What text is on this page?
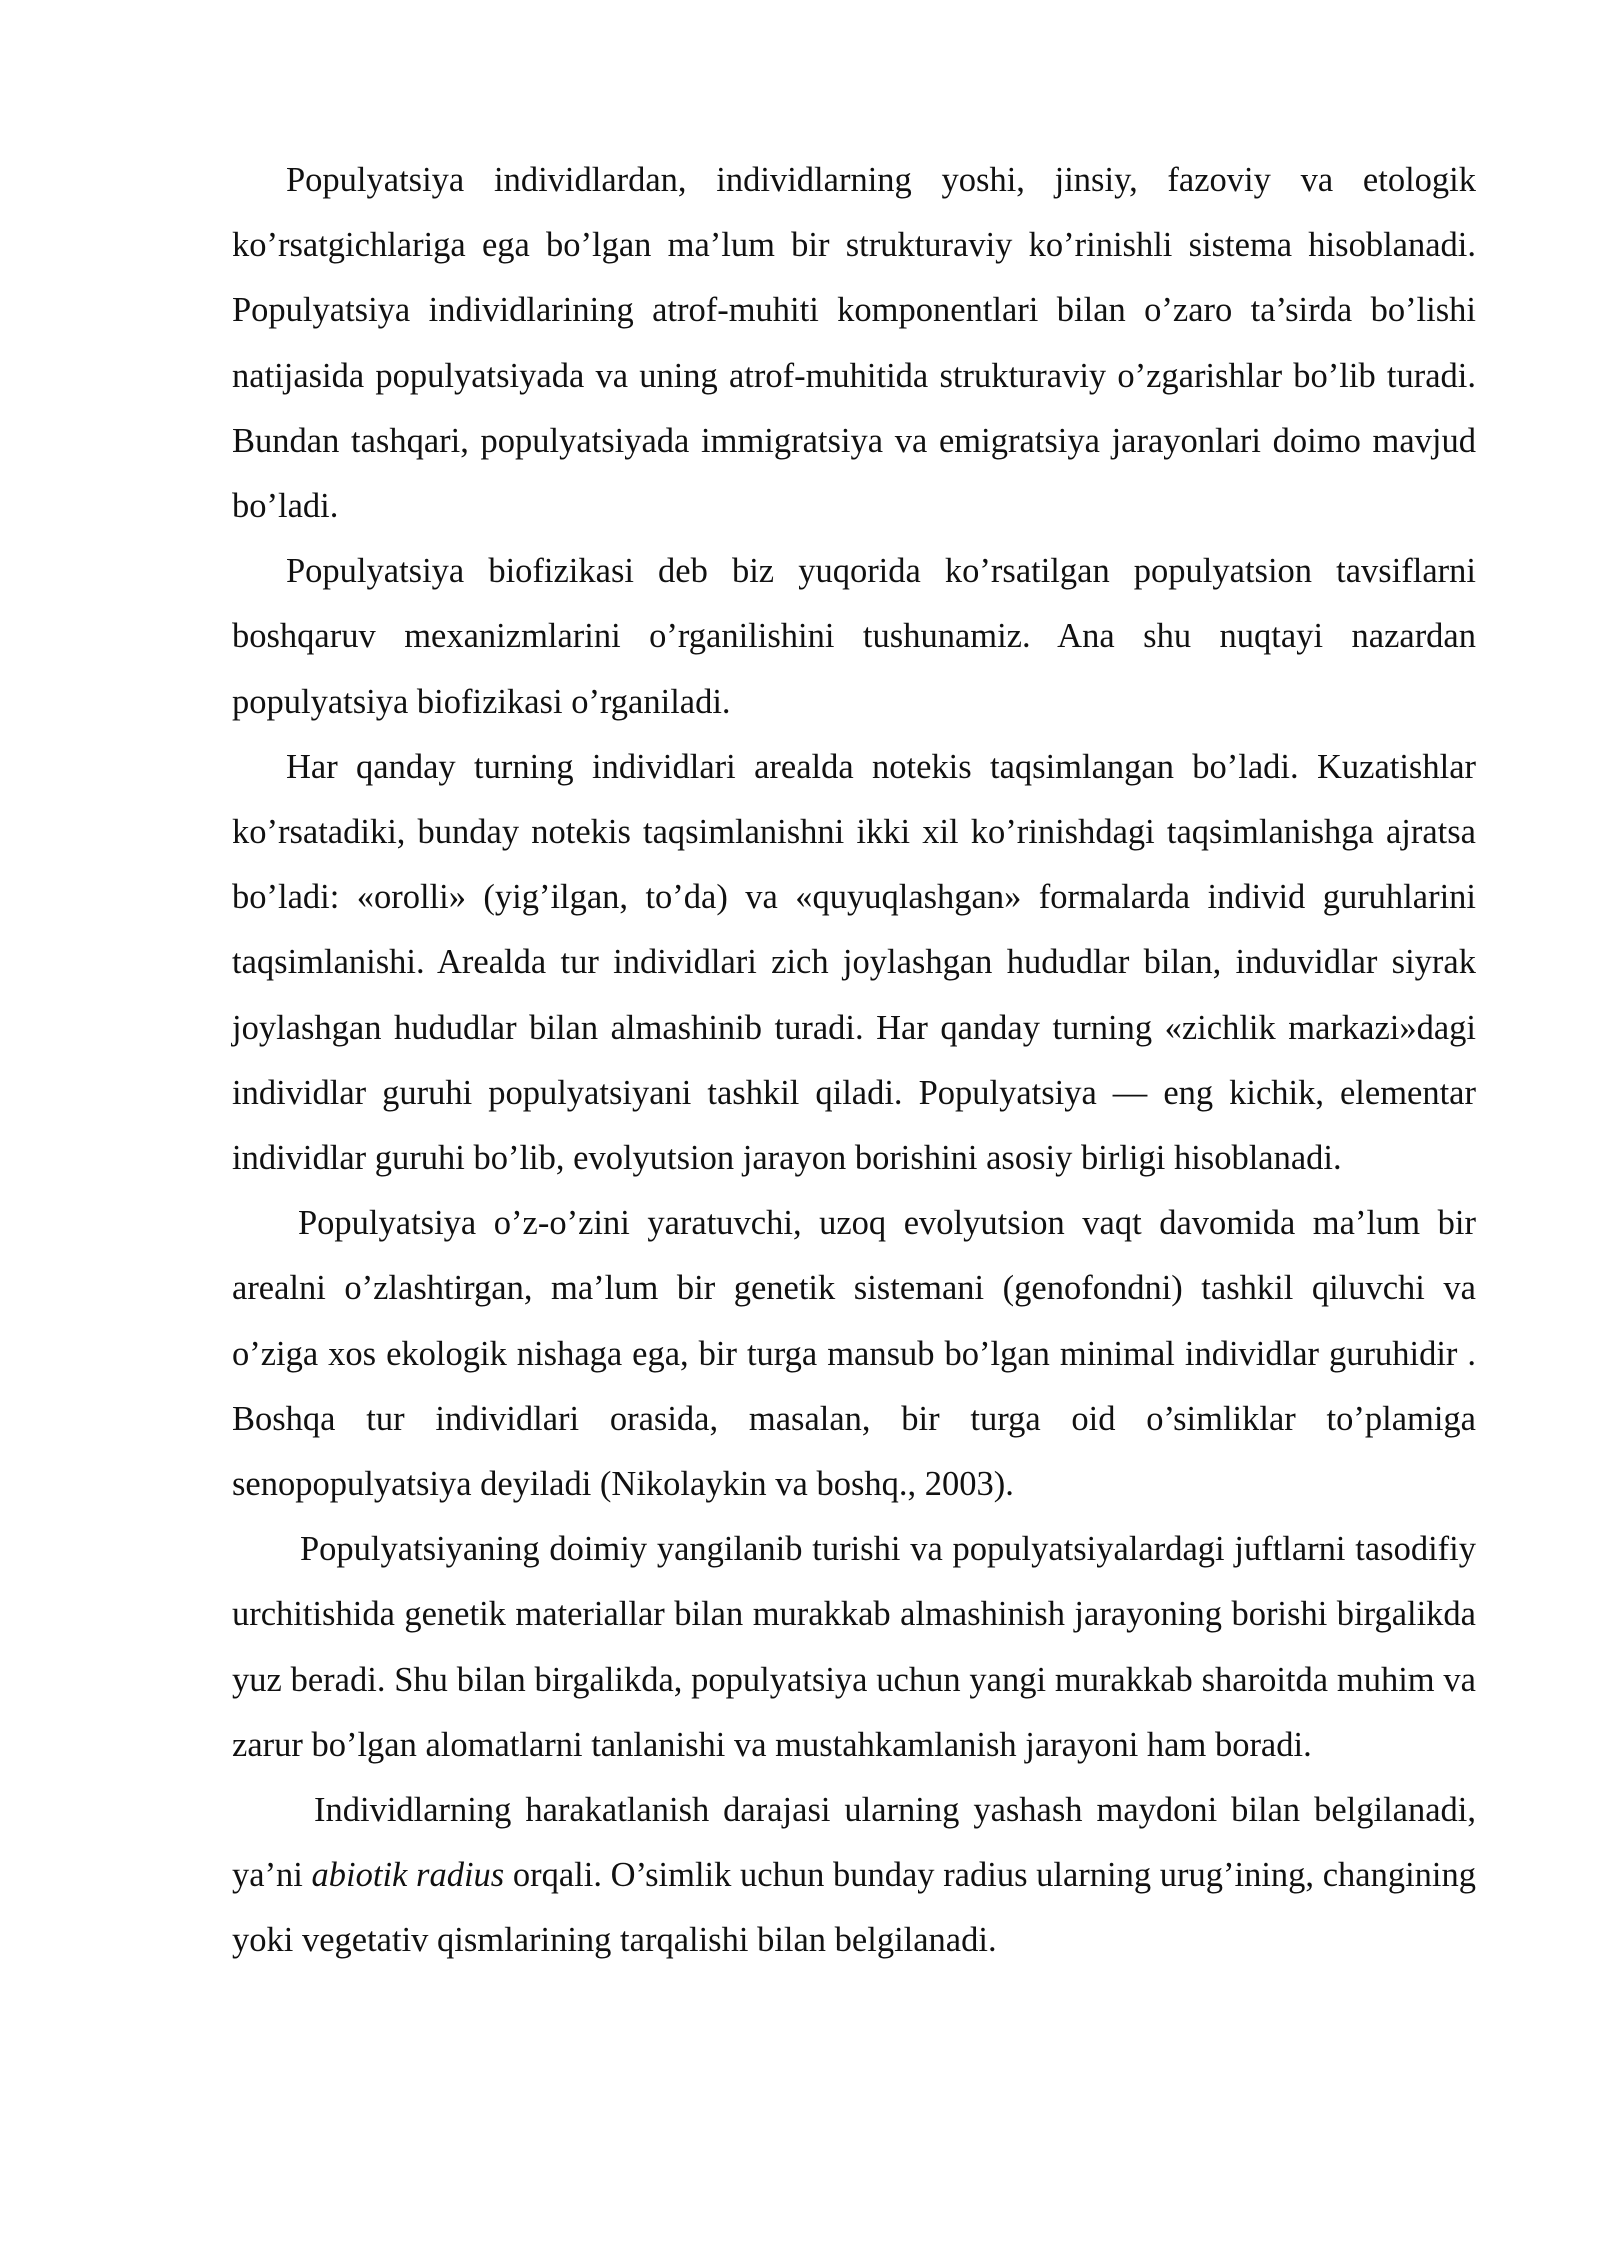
Populyatsiya individlardan, individlarning yoshi, jinsiy, fazoviy va etologik ko’rsatgichlariga ega bo’lgan ma’lum bir strukturaviy ko’rinishli sistema hisoblanadi. Populyatsiya individlarining atrof-muhiti komponentlari bilan o’zaro ta’sirda bo’lishi natijasida populyatsiyada va uning atrof-muhitida strukturaviy o’zgarishlar bo’lib turadi. Bundan tashqari, populyatsiyada immigratsiya va emigratsiya jarayonlari doimo mavjud bo’ladi.

Populyatsiya biofizikasi deb biz yuqorida ko’rsatilgan populyatsion tavsiflarni boshqaruv mexanizmlarini o’rganilishini tushunamiz. Ana shu nuqtayi nazardan populyatsiya biofizikasi o’rganiladi.

Har qanday turning individlari arealda notekis taqsimlangan bo’ladi. Kuzatishlar ko’rsatadiki, bunday notekis taqsimlanishni ikki xil ko’rinishdagi taqsimlanishga ajratsa bo’ladi: «orolli» (yig’ilgan, to’da) va «quyuqlashgan» formalarda individ guruhlarini taqsimlanishi. Arealda tur individlari zich joylashgan hududlar bilan, induvidlar siyrak joylashgan hududlar bilan almashinib turadi. Har qanday turning «zichlik markazi»dagi individlar guruhi populyatsiyani tashkil qiladi. Populyatsiya — eng kichik, elementar individlar guruhi bo’lib, evolyutsion jarayon borishini asosiy birligi hisoblanadi.

Populyatsiya o’z-o’zini yaratuvchi, uzoq evolyutsion vaqt davomida ma’lum bir arealni o’zlashtirgan, ma’lum bir genetik sistemani (genofondni) tashkil qiluvchi va o’ziga xos ekologik nishaga ega, bir turga mansub bo’lgan minimal individlar guruhidir . Boshqa tur individlari orasida, masalan, bir turga oid o’simliklar to’plamiga senopopulyatsiya deyiladi (Nikolaykin va boshq., 2003).

Populyatsiyaning doimiy yangilanib turishi va populyatsiyalardagi juftlarni tasodifiy urchitishida genetik materiallar bilan murakkab almashinish jarayoning borishi birgalikda yuz beradi. Shu bilan birgalikda, populyatsiya uchun yangi murakkab sharoitda muhim va zarur bo’lgan alomatlarni tanlanishi va mustahkamlanish jarayoni ham boradi.

Individlarning harakatlanish darajasi ularning yashash maydoni bilan belgilanadi, ya’ni abiotik radius orqali. O’simlik uchun bunday radius ularning urug’ining, changining yoki vegetativ qismlarining tarqalishi bilan belgilanadi.
